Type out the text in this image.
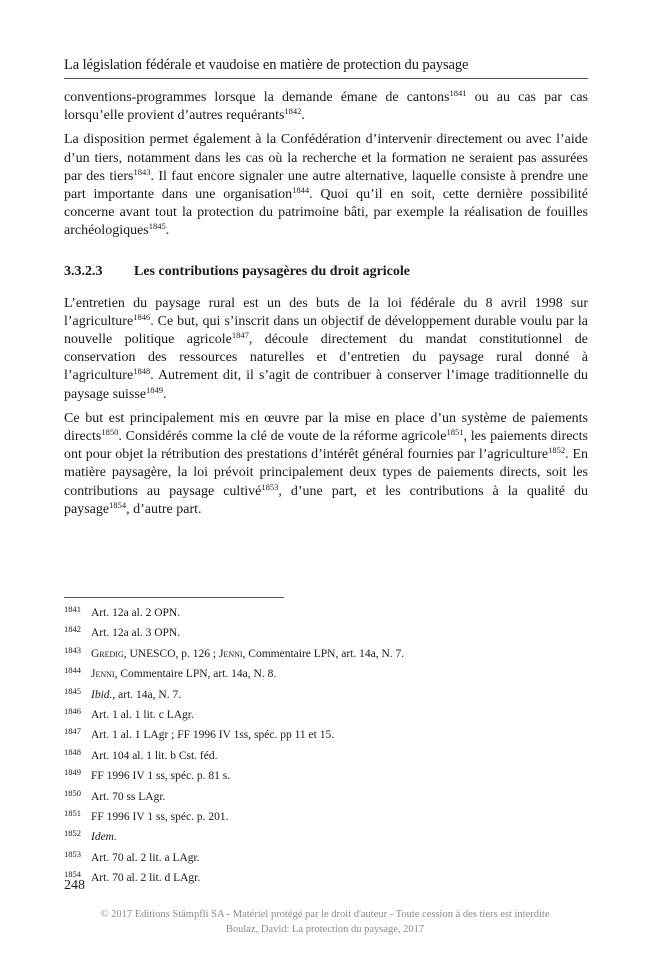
La législation fédérale et vaudoise en matière de protection du paysage

conventions-programmes lorsque la demande émane de cantons$^{1841}$ ou au cas par cas lorsqu’elle provient d’autres requérants$^{1842}$.

La disposition permet également à la Confédération d’intervenir directement ou avec l’aide d’un tiers, notamment dans les cas où la recherche et la formation ne seraient pas assurées par des tiers$^{1843}$. Il faut encore signaler une autre alternative, laquelle consiste à prendre une part importante dans une organisation$^{1844}$. Quoi qu’il en soit, cette dernière possibilité concerne avant tout la protection du patrimoine bâti, par exemple la réalisation de fouilles archéologiques$^{1845}$.

3.3.2.3	Les contributions paysagères du droit agricole

L’entretien du paysage rural est un des buts de la loi fédérale du 8 avril 1998 sur l’agriculture$^{1846}$. Ce but, qui s’inscrit dans un objectif de développement durable voulu par la nouvelle politique agricole$^{1847}$, découle directement du mandat constitutionnel de conservation des ressources naturelles et d’entretien du paysage rural donné à l’agriculture$^{1848}$. Autrement dit, il s’agit de contribuer à conserver l’image traditionnelle du paysage suisse$^{1849}$.

Ce but est principalement mis en œuvre par la mise en place d’un système de paiements directs$^{1850}$. Considérés comme la clé de voute de la réforme agricole$^{1851}$, les paiements directs ont pour objet la rétribution des prestations d’intérêt général fournies par l’agriculture$^{1852}$. En matière paysagère, la loi prévoit principalement deux types de paiements directs, soit les contributions au paysage cultivé$^{1853}$, d’une part, et les contributions à la qualité du paysage$^{1854}$, d’autre part.

1841 Art. 12a al. 2 OPN.
1842 Art. 12a al. 3 OPN.
1843 Gredig, UNESCO, p. 126 ; Jenni, Commentaire LPN, art. 14a, N. 7.
1844 Jenni, Commentaire LPN, art. 14a, N. 8.
1845 Ibid., art. 14a, N. 7.
1846 Art. 1 al. 1 lit. c LAgr.
1847 Art. 1 al. 1 LAgr ; FF 1996 IV 1ss, spéc. pp 11 et 15.
1848 Art. 104 al. 1 lit. b Cst. féd.
1849 FF 1996 IV 1 ss, spéc. p. 81 s.
1850 Art. 70 ss LAgr.
1851 FF 1996 IV 1 ss, spéc. p. 201.
1852 Idem.
1853 Art. 70 al. 2 lit. a LAgr.
1854 Art. 70 al. 2 lit. d LAgr.
248
© 2017 Editions Stämpfli SA - Matériel protégé par le droit d'auteur - Toute cession à des tiers est interdite
Boulaz, David: La protection du paysage, 2017
